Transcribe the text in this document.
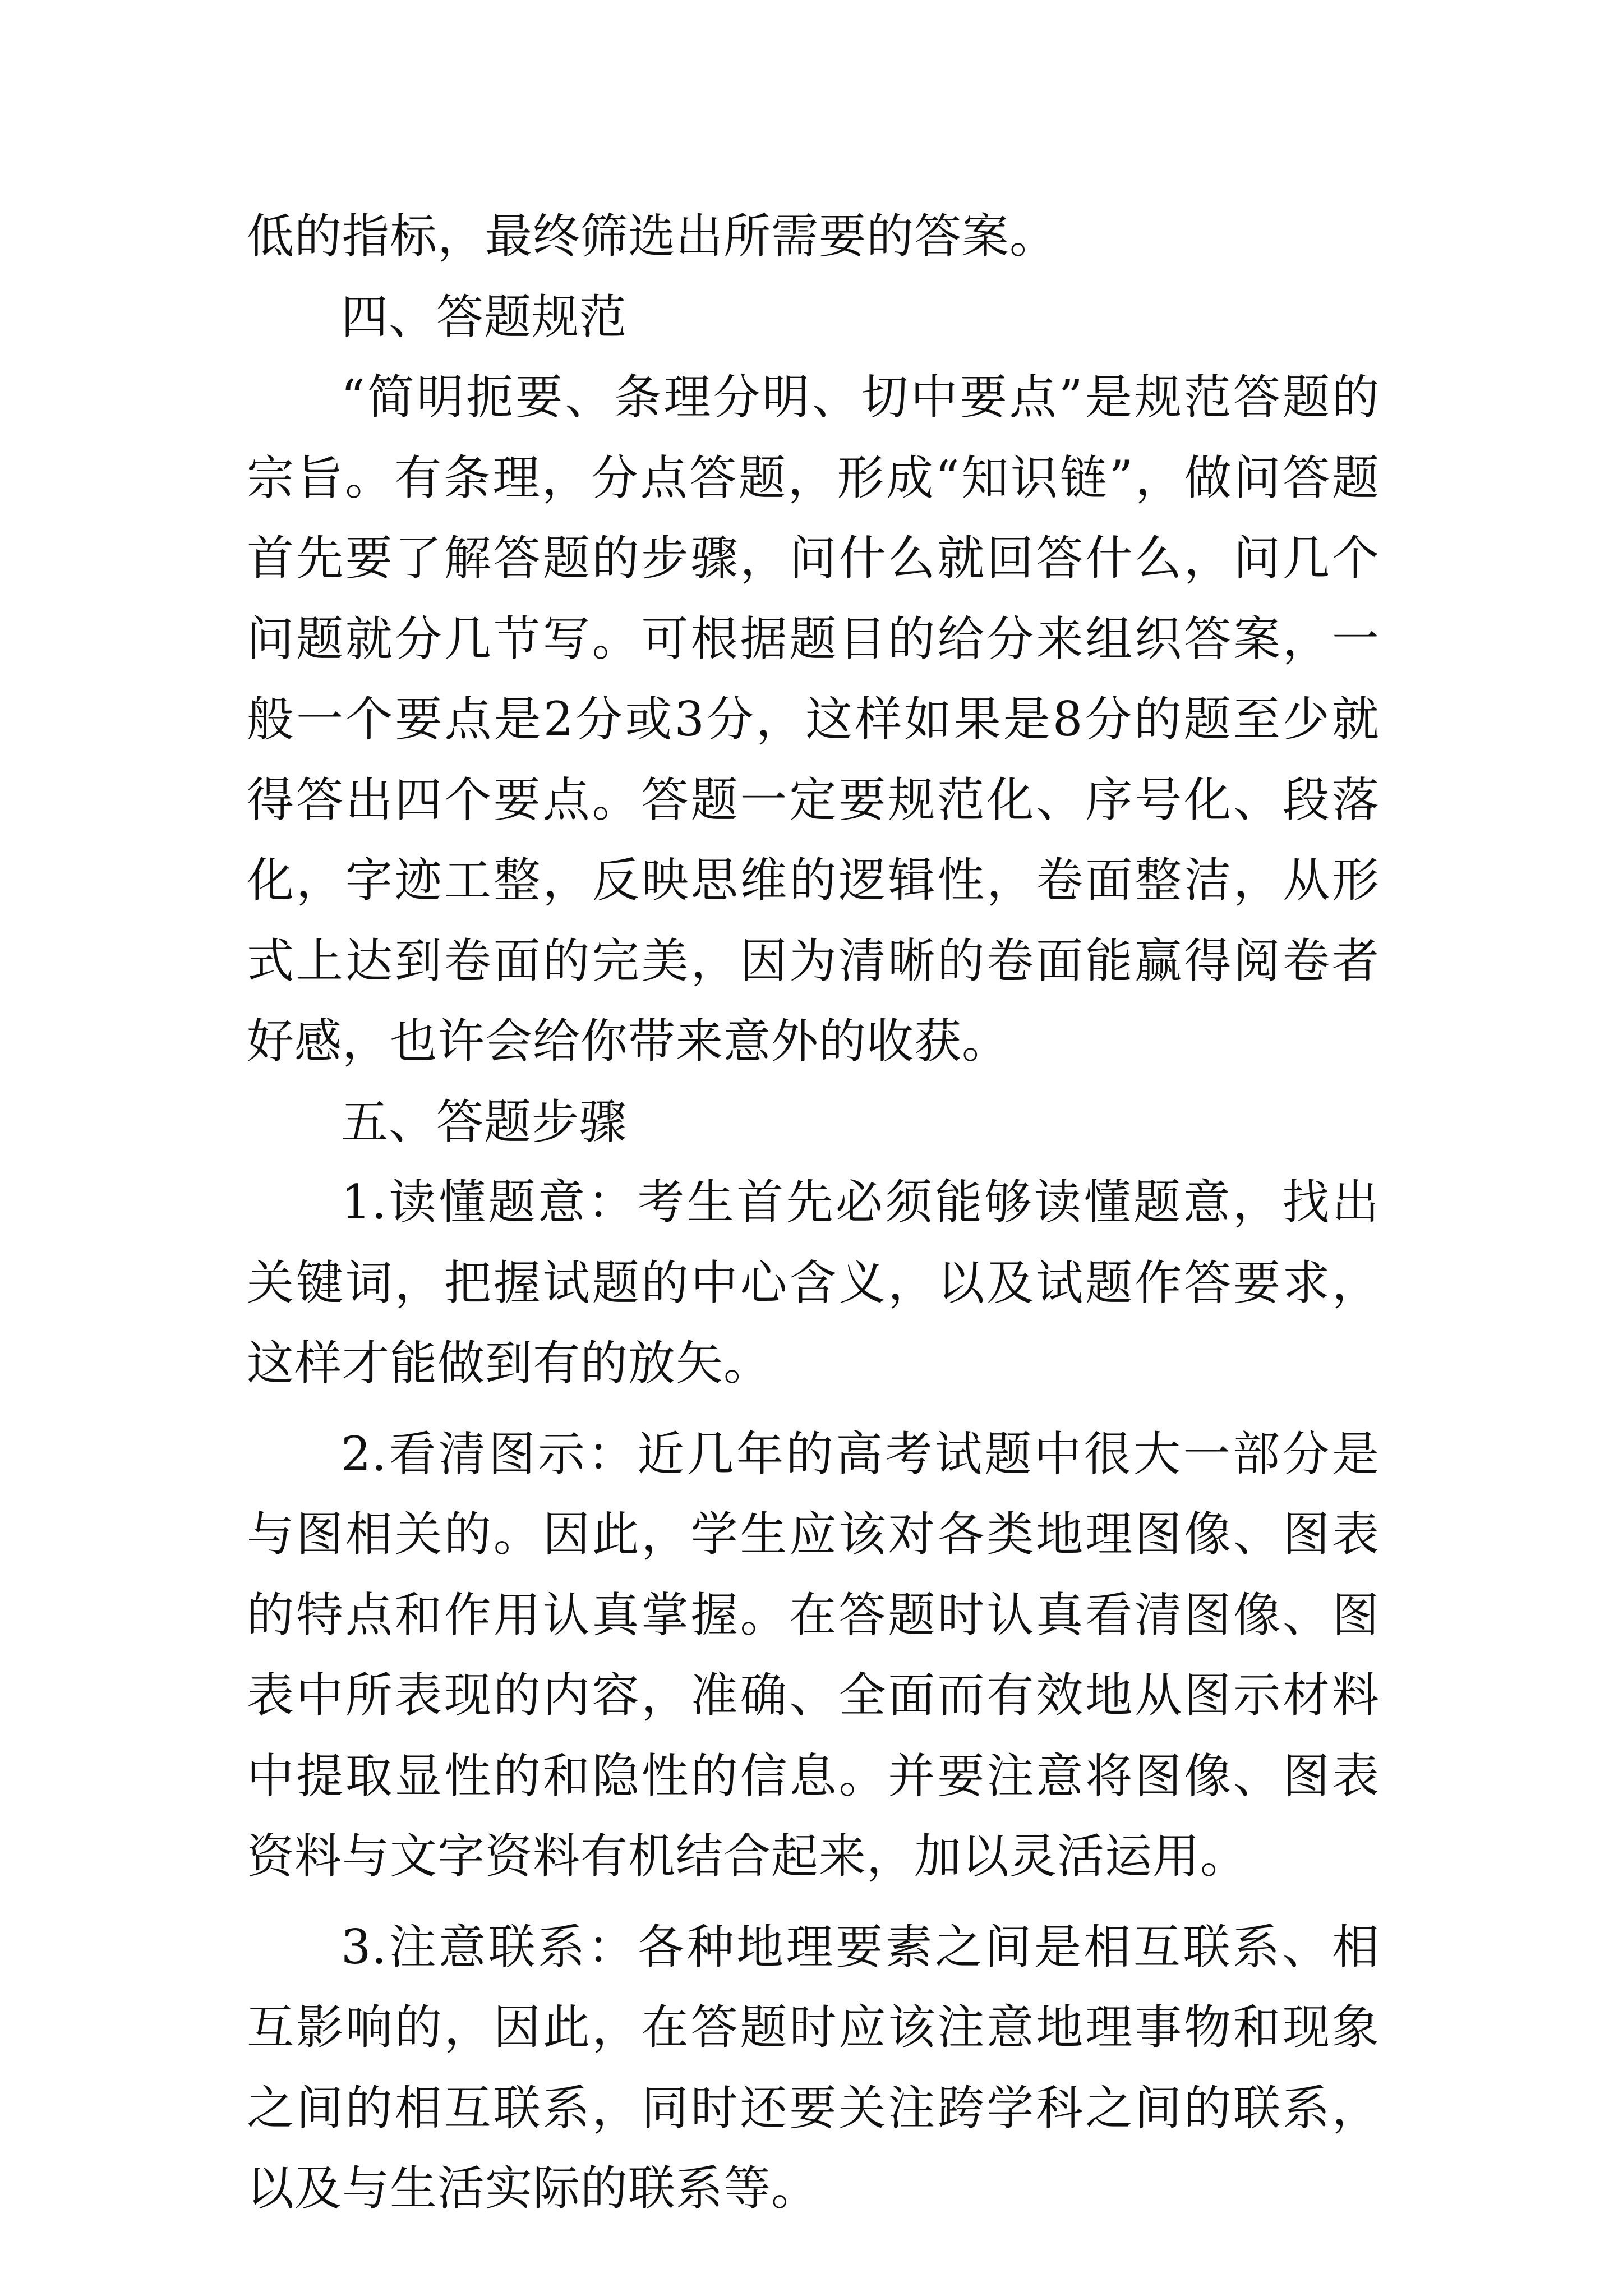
低的指标，最终筛选出所需要的答案。

四、答题规范

“简明扼要、条理分明、切中要点”是规范答题的宗旨。有条理，分点答题，形成“知识链”，做问答题首先要了解答题的步骤，问什么就回答什么，问几个问题就分几节写。可根据题目的给分来组织答案，一般一个要点是2分或3分，这样如果是8分的题至少就得答出四个要点。答题一定要规范化、序号化、段落化，字迹工整，反映思维的逻辑性，卷面整洁，从形式上达到卷面的完美，因为清晰的卷面能赢得阅卷者好感，也许会给你带来意外的收获。

五、答题步骤

1.读懂题意：考生首先必须能够读懂题意，找出关键词，把握试题的中心含义，以及试题作答要求，这样才能做到有的放矢。

2.看清图示：近几年的高考试题中很大一部分是与图相关的。因此，学生应该对各类地理图像、图表的特点和作用认真掌握。在答题时认真看清图像、图表中所表现的内容，准确、全面而有效地从图示材料中提取显性的和隐性的信息。并要注意将图像、图表资料与文字资料有机结合起来，加以灵活运用。

3.注意联系：各种地理要素之间是相互联系、相互影响的，因此，在答题时应该注意地理事物和现象之间的相互联系，同时还要关注跨学科之间的联系，以及与生活实际的联系等。
